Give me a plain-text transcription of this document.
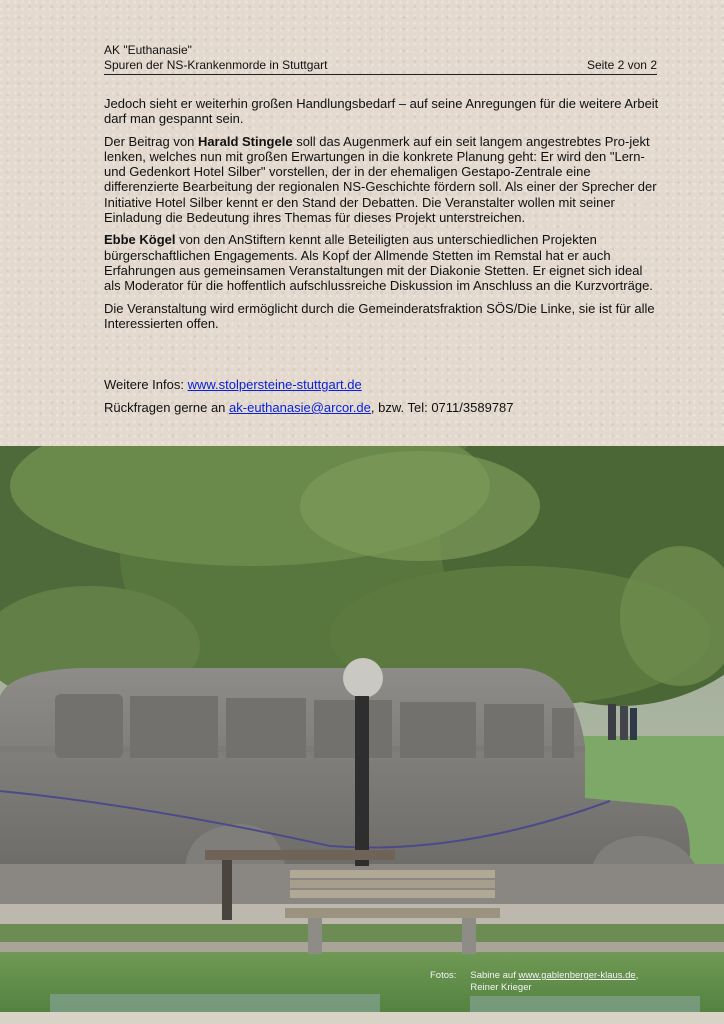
AK "Euthanasie"
Spuren der NS-Krankenmorde in Stuttgart	Seite 2 von 2

Jedoch sieht er weiterhin großen Handlungsbedarf – auf seine Anregungen für die weitere Arbeit darf man gespannt sein.

Der Beitrag von Harald Stingele soll das Augenmerk auf ein seit langem angestrebtes Pro-jekt lenken, welches nun mit großen Erwartungen in die konkrete Planung geht: Er wird den "Lern- und Gedenkort Hotel Silber" vorstellen, der in der ehemaligen Gestapo-Zentrale eine differenzierte Bearbeitung der regionalen NS-Geschichte fördern soll. Als einer der Sprecher der Initiative Hotel Silber kennt er den Stand der Debatten. Die Veranstalter wollen mit seiner Einladung die Bedeutung ihres Themas für dieses Projekt unterstreichen.

Ebbe Kögel von den AnStiftern kennt alle Beteiligten aus unterschiedlichen Projekten bürgerschaftlichen Engagements. Als Kopf der Allmende Stetten im Remstal hat er auch Erfahrungen aus gemeinsamen Veranstaltungen mit der Diakonie Stetten. Er eignet sich ideal als Moderator für die hoffentlich aufschlussreiche Diskussion im Anschluss an die Kurzvorträge.

Die Veranstaltung wird ermöglicht durch die Gemeinderatsfraktion SÖS/Die Linke, sie ist für alle Interessierten offen.

Weitere Infos: www.stolpersteine-stuttgart.de
Rückfragen gerne an ak-euthanasie@arcor.de, bzw. Tel: 0711/3589787
Fotos: Sabine auf www.gablenberger-klaus.de,
Reiner Krieger
